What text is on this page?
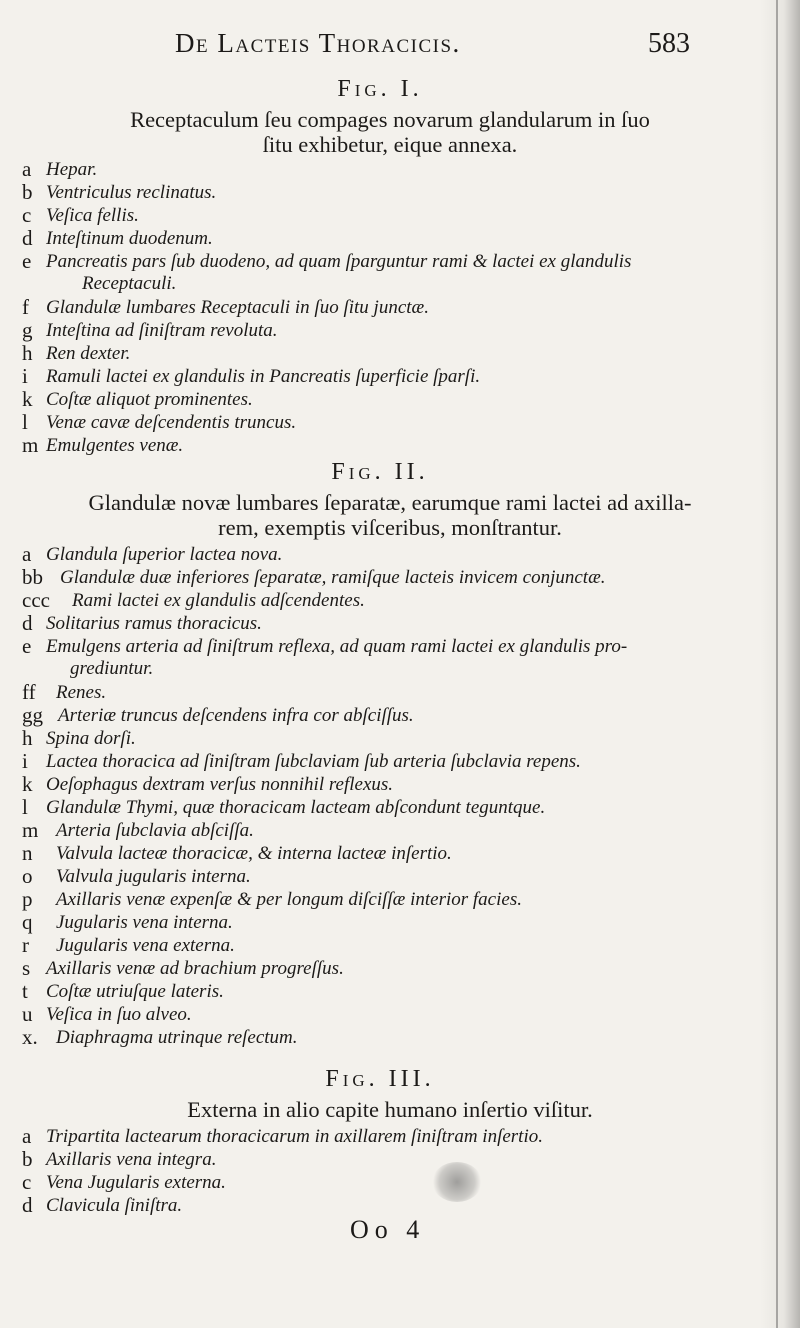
De Lacteis Thoracicis.	583
Fig. I.
Receptaculum ſeu compages novarum glandularum in ſuo
ſitu exhibetur, eique annexa.
a Hepar.
b Ventriculus reclinatus.
c Veſica fellis.
d Inteſtinum duodenum.
e Pancreatis pars ſub duodeno, ad quam ſparguntur rami & lactei ex glandulis
Receptaculi.
f Glandulæ lumbares Receptaculi in ſuo ſitu junctæ.
g Inteſtina ad ſiniſtram revoluta.
h Ren dexter.
i Ramuli lactei ex glandulis in Pancreatis ſuperficie ſparſi.
k Coſtæ aliquot prominentes.
l Venæ cavæ deſcendentis truncus.
m Emulgentes venæ.
Fig. II.
Glandulæ novæ lumbares ſeparatæ, earumque rami lactei ad axilla-
rem, exemptis viſceribus, monſtrantur.
a Glandula ſuperior lactea nova.
bb Glandulæ duæ inferiores ſeparatæ, ramiſque lacteis invicem conjunctæ.
ccc Rami lactei ex glandulis adſcendentes.
d Solitarius ramus thoracicus.
e Emulgens arteria ad ſiniſtrum reflexa, ad quam rami lactei ex glandulis pro-
grediuntur.
ff Renes.
gg Arteriæ truncus deſcendens infra cor abſciſſus.
h Spina dorſi.
i Lactea thoracica ad ſiniſtram ſubclaviam ſub arteria ſubclavia repens.
k Oeſophagus dextram verſus nonnihil reflexus.
l Glandulæ Thymi, quæ thoracicam lacteam abſcondunt teguntque.
m Arteria ſubclavia abſciſſa.
n Valvula lacteæ thoracicæ, & interna lacteæ inſertio.
o Valvula jugularis interna.
p Axillaris venæ expenſæ & per longum diſciſſæ interior facies.
q Jugularis vena interna.
r Jugularis vena externa.
s Axillaris venæ ad brachium progreſſus.
t Coſtæ utriuſque lateris.
u Veſica in ſuo alveo.
x. Diaphragma utrinque reſectum.
Fig. III.
Externa in alio capite humano inſertio viſitur.
a Tripartita lactearum thoracicarum in axillarem ſiniſtram inſertio.
b Axillaris vena integra.
c Vena Jugularis externa.
d Clavicula ſiniſtra.
Oo 4
